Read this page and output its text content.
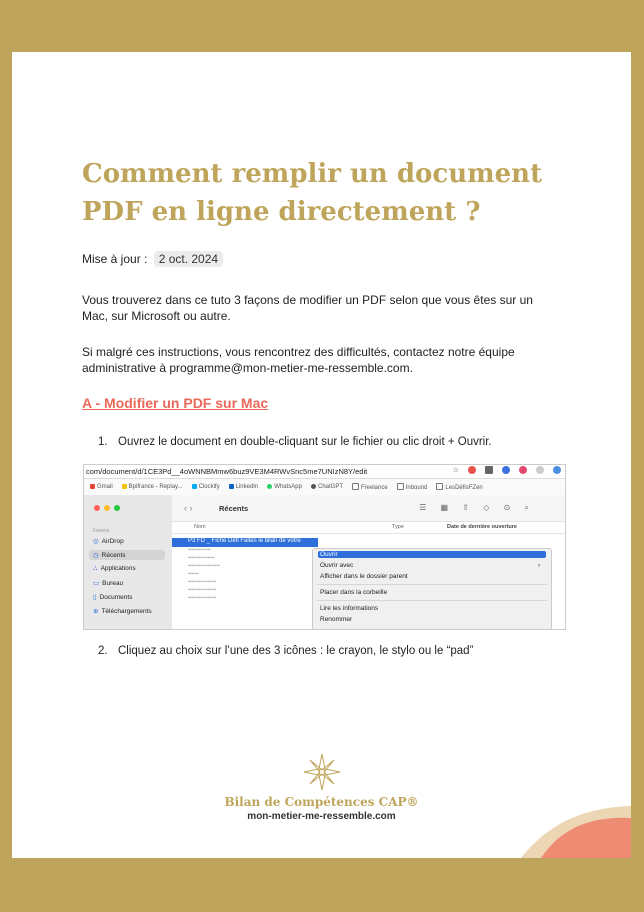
Comment remplir un document PDF en ligne directement ?
Mise à jour : 2 oct. 2024

Vous trouverez dans ce tuto 3 façons de modifier un PDF selon que vous êtes sur un Mac, sur Microsoft ou autre.

Si malgré ces instructions, vous rencontrez des difficultés, contactez notre équipe administrative à programme@mon-metier-me-ressemble.com.

A - Modifier un PDF sur Mac
1. Ouvrez le document en double-cliquant sur le fichier ou clic droit + Ouvrir.
com/document/d/1CE3Pd__4oWNNBMmw6buz9VE3M4RWvSnc5me7UNIzN8Y/edit	☆
Gmail	Bpifrance - Replay...	Clockify	LinkedIn	WhatsApp	ChatGPT	Freelance	Inbound	LesDéfisFZen
Favoris
◎ AirDrop
◷ Récents
⛬ Applications
▭ Bureau
▯ Documents
⊕ Téléchargements
‹ ›	Récents	☰ ▦ ⇪ ◇ ⊙ ⌕
Nom	Type	Date de dernière ouverture
P3 FD _ Fiche Défi Faites le bilan de votre
▪▪▪▪▪▪▪▪▪▪▪▪▪
▪▪▪▪▪▪▪▪▪▪▪▪▪▪▪
▪▪▪▪▪▪▪▪▪▪▪▪▪▪▪▪▪▪
▪▪▪▪▪▪
▪▪▪▪▪▪▪▪▪▪▪▪▪▪▪▪
▪▪▪▪▪▪▪▪▪▪▪▪▪▪▪▪
▪▪▪▪▪▪▪▪▪▪▪▪▪▪▪▪
Ouvrir
Ouvrir avec	›
Afficher dans le dossier parent
Placer dans la corbeille
Lire les informations
Renommer
2. Cliquez au choix sur l’une des 3 icônes : le crayon, le stylo ou le “pad”
Bilan de Compétences CAP®
mon-metier-me-ressemble.com
